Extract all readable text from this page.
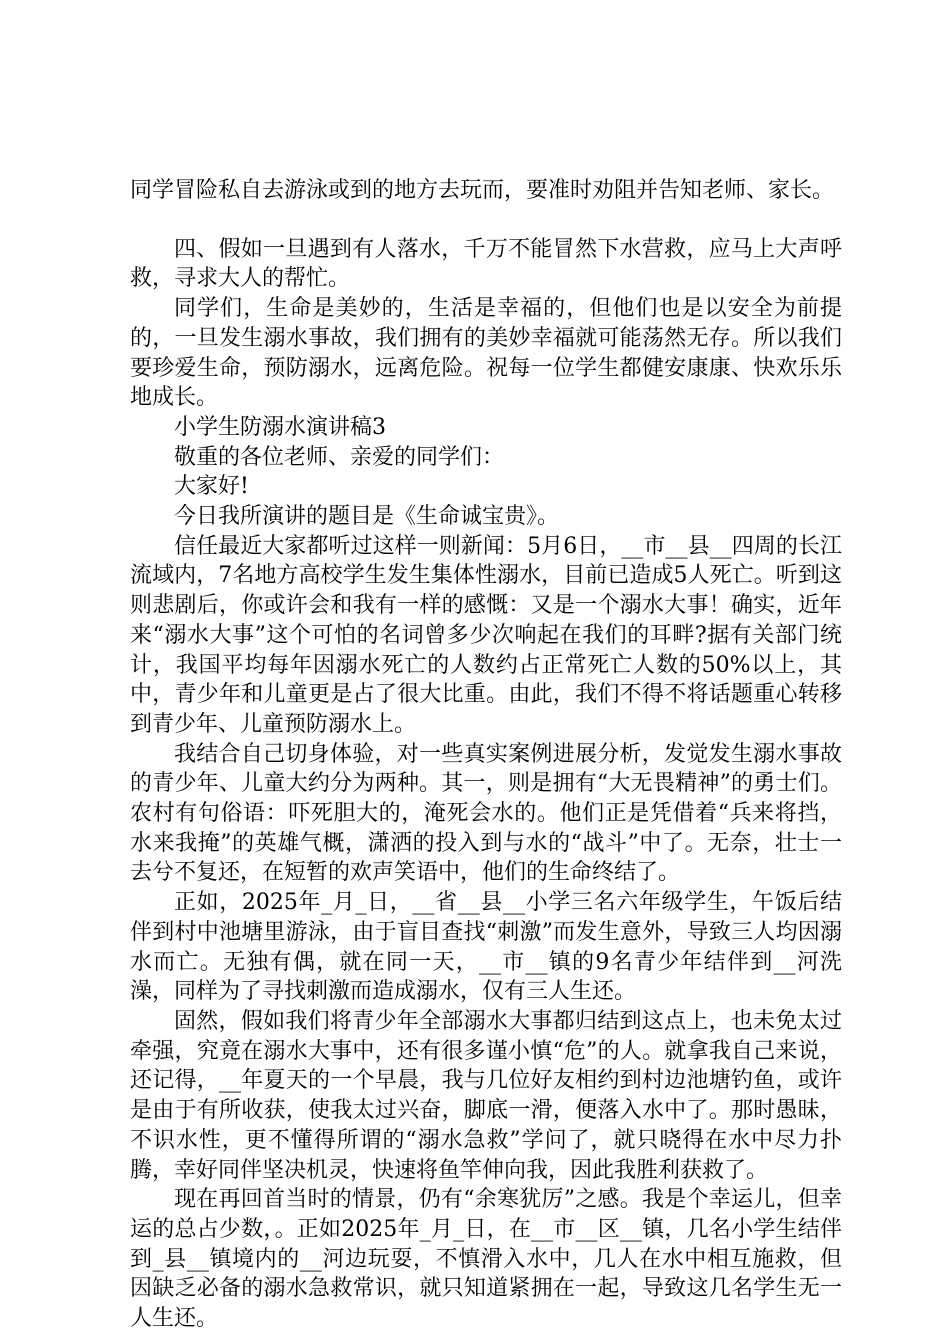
同学冒险私自去游泳或到的地方去玩而，要准时劝阻并告知老师、家长。

四、假如一旦遇到有人落水，千万不能冒然下水营救，应马上大声呼救，寻求大人的帮忙。

同学们，生命是美妙的，生活是幸福的，但他们也是以安全为前提的，一旦发生溺水事故，我们拥有的美妙幸福就可能荡然无存。所以我们要珍爱生命，预防溺水，远离危险。祝每一位学生都健安康康、快欢乐乐地成长。

小学生防溺水演讲稿3

敬重的各位老师、亲爱的同学们：

大家好!

今日我所演讲的题目是《生命诚宝贵》。

信任最近大家都听过这样一则新闻：5月6日，__市__县__四周的长江流域内，7名地方高校学生发生集体性溺水，目前已造成5人死亡。听到这则悲剧后，你或许会和我有一样的感慨：又是一个溺水大事！确实，近年来“溺水大事”这个可怕的名词曾多少次响起在我们的耳畔?据有关部门统计，我国平均每年因溺水死亡的人数约占正常死亡人数的50%以上，其中，青少年和儿童更是占了很大比重。由此，我们不得不将话题重心转移到青少年、儿童预防溺水上。

我结合自己切身体验，对一些真实案例进展分析，发觉发生溺水事故的青少年、儿童大约分为两种。其一，则是拥有“大无畏精神”的勇士们。农村有句俗语：吓死胆大的，淹死会水的。他们正是凭借着“兵来将挡，水来我掩”的英雄气概，潇洒的投入到与水的“战斗”中了。无奈，壮士一去兮不复还，在短暂的欢声笑语中，他们的生命终结了。

正如，2025年_月_日，__省__县__小学三名六年级学生，午饭后结伴到村中池塘里游泳，由于盲目查找“刺激”而发生意外，导致三人均因溺水而亡。无独有偶，就在同一天，__市__镇的9名青少年结伴到__河洗澡，同样为了寻找刺激而造成溺水，仅有三人生还。

固然，假如我们将青少年全部溺水大事都归结到这点上，也未免太过牵强，究竟在溺水大事中，还有很多谨小慎“危”的人。就拿我自己来说，还记得，__年夏天的一个早晨，我与几位好友相约到村边池塘钓鱼，或许是由于有所收获，使我太过兴奋，脚底一滑，便落入水中了。那时愚昧，不识水性，更不懂得所谓的“溺水急救”学问了，就只晓得在水中尽力扑腾，幸好同伴坚决机灵，快速将鱼竿伸向我，因此我胜利获救了。

现在再回首当时的情景，仍有“余寒犹厉”之感。我是个幸运儿，但幸运的总占少数，。正如2025年_月_日，在__市__区__镇，几名小学生结伴到_县__镇境内的__河边玩耍，不慎滑入水中，几人在水中相互施救，但因缺乏必备的溺水急救常识，就只知道紧拥在一起，导致这几名学生无一人生还。
